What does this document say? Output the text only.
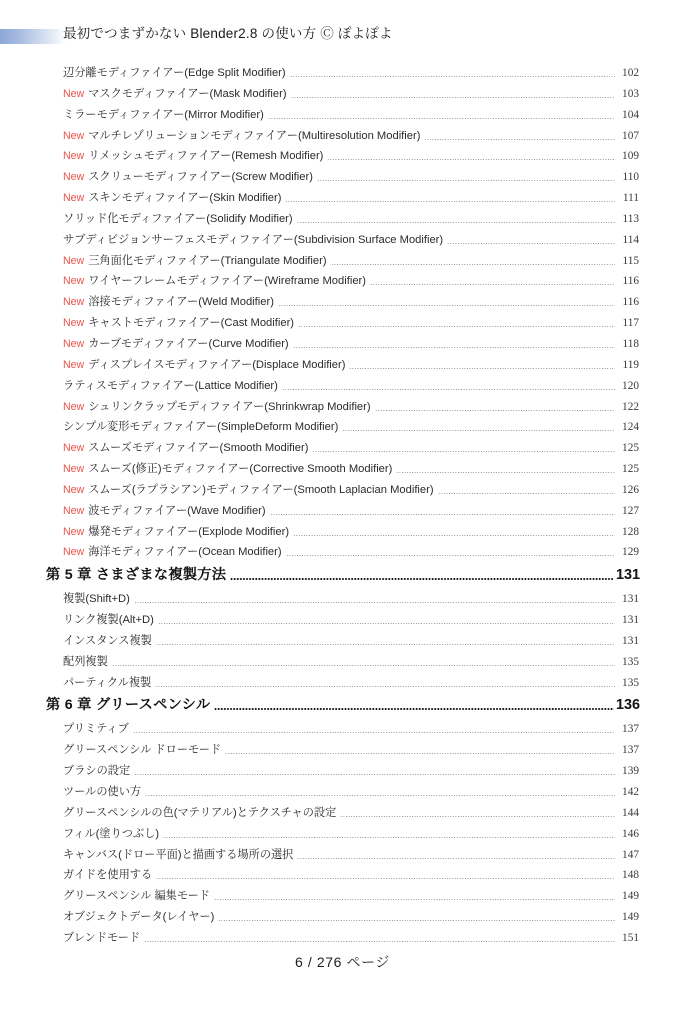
最初でつまずかない Blender2.8 の使い方 Ⓒ ぽよぽよ
辺分離モディファイアー(Edge Split Modifier)	102
New マスクモディファイアー(Mask Modifier)	103
ミラーモディファイアー(Mirror Modifier)	104
New マルチレゾリューションモディファイアー(Multiresolution Modifier)	107
New リメッシュモディファイアー(Remesh Modifier)	109
New スクリューモディファイアー(Screw Modifier)	110
New スキンモディファイアー(Skin Modifier)	111
ソリッド化モディファイアー(Solidify Modifier)	113
サブディビジョンサーフェスモディファイアー(Subdivision Surface Modifier)	114
New 三角面化モディファイアー(Triangulate Modifier)	115
New ワイヤーフレームモディファイアー(Wireframe Modifier)	116
New 溶接モディファイアー(Weld Modifier)	116
New キャストモディファイアー(Cast Modifier)	117
New カーブモディファイアー(Curve Modifier)	118
New ディスプレイスモディファイアー(Displace Modifier)	119
ラティスモディファイアー(Lattice Modifier)	120
New シュリンクラップモディファイアー(Shrinkwrap Modifier)	122
シンプル変形モディファイアー(SimpleDeform Modifier)	124
New スムーズモディファイアー(Smooth Modifier)	125
New スムーズ(修正)モディファイアー(Corrective Smooth Modifier)	125
New スムーズ(ラプラシアン)モディファイアー(Smooth Laplacian Modifier)	126
New 波モディファイアー(Wave Modifier)	127
New 爆発モディファイアー(Explode Modifier)	128
New 海洋モディファイアー(Ocean Modifier)	129
第 5 章 さまざまな複製方法	131
複製(Shift+D)	131
リンク複製(Alt+D)	131
インスタンス複製	131
配列複製	135
パーティクル複製	135
第 6 章 グリースペンシル	136
プリミティブ	137
グリースペンシル ドローモード	137
ブラシの設定	139
ツールの使い方	142
グリースペンシルの色(マテリアル)とテクスチャの設定	144
フィル(塗りつぶし)	146
キャンバス(ドロー平面)と描画する場所の選択	147
ガイドを使用する	148
グリースペンシル 編集モード	149
オブジェクトデータ(レイヤー)	149
ブレンドモード	151
6 / 276 ページ
